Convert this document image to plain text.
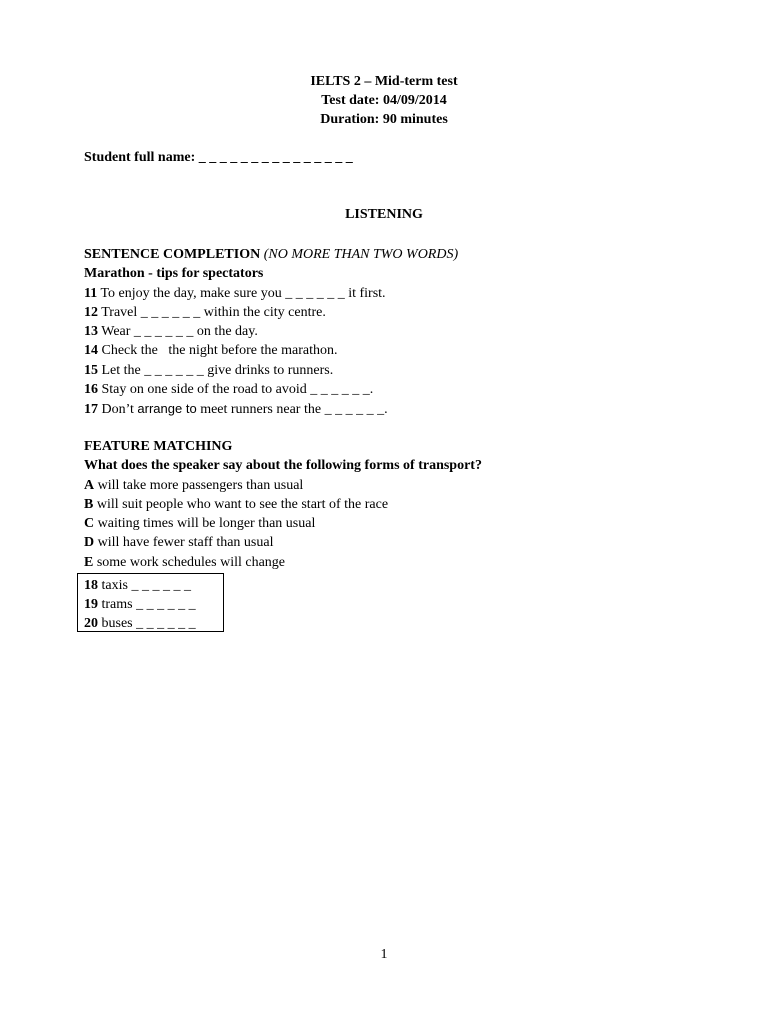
IELTS 2 – Mid-term test
Test date: 04/09/2014
Duration: 90 minutes
Student full name: _ _ _ _ _ _ _ _ _ _ _ _ _ _ _
LISTENING
SENTENCE COMPLETION (NO MORE THAN TWO WORDS)
Marathon - tips for spectators
11 To enjoy the day, make sure you _ _ _ _ _ _ it first.
12 Travel _ _ _ _ _ _ within the city centre.
13 Wear _ _ _ _ _ _ on the day.
14 Check the   the night before the marathon.
15 Let the _ _ _ _ _ _ give drinks to runners.
16 Stay on one side of the road to avoid _ _ _ _ _ _.
17 Don’t arrange to meet runners near the _ _ _ _ _ _.
FEATURE MATCHING
What does the speaker say about the following forms of transport?
A will take more passengers than usual
B will suit people who want to see the start of the race
C waiting times will be longer than usual
D will have fewer staff than usual
E some work schedules will change
18 taxis _ _ _ _ _ _
19 trams _ _ _ _ _ _
20 buses _ _ _ _ _ _
1
